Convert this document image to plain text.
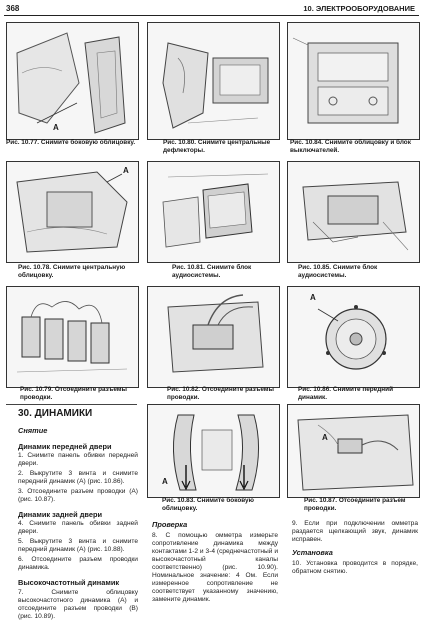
368	10. ЭЛЕКТРООБОРУДОВАНИЕ
A
Рис. 10.77. Снимите боковую облицовку.	Рис. 10.80. Снимите центральные дефлекторы.
Рис. 10.84. Снимите облицовку и блок выключателей.
A
Рис. 10.78. Снимите центральную облицовку.
Рис. 10.81. Снимите блок аудиосистемы.
Рис. 10.85. Снимите блок аудиосистемы.
Рис. 10.79. Отсоедините разъемы проводки.
Рис. 10.82. Отсоедините разъемы проводки.
A
Рис. 10.86. Снимите передний динамик.
30. ДИНАМИКИ
Снятие
Динамик передней двери
1. Снимите панель обивки передней двери.
2. Выкрутите 3 винта и снимите передний динамик (А) (рис. 10.86).
3. Отсоедините разъем проводки (А) (рис. 10.87).
Динамик задней двери
4. Снимите панель обивки задней двери.
5. Выкрутите 3 винта и снимите передний динамик (А) (рис. 10.88).
6. Отсоедините разъем проводки динамика.
Высокочастотный динамик
7. Снимите облицовку высокочастотного динамика (А) и отсоедините разъем проводки (В) (рис. 10.89).
A
Рис. 10.83. Снимите боковую облицовку.
Проверка
8. С помощью омметра измерьте сопротивление динамика между контактами 1-2 и 3-4 (среднечастотный и высокочастотный каналы соответственно) (рис. 10.90). Номинальное значение: 4 Ом. Если измеренное сопротивление не соответствует указанному значению, замените динамик.
A
Рис. 10.87. Отсоедините разъем проводки.
9. Если при подключении омметра раздается щелкающий звук, динамик исправен.
Установка
10. Установка проводится в порядке, обратном снятию.
